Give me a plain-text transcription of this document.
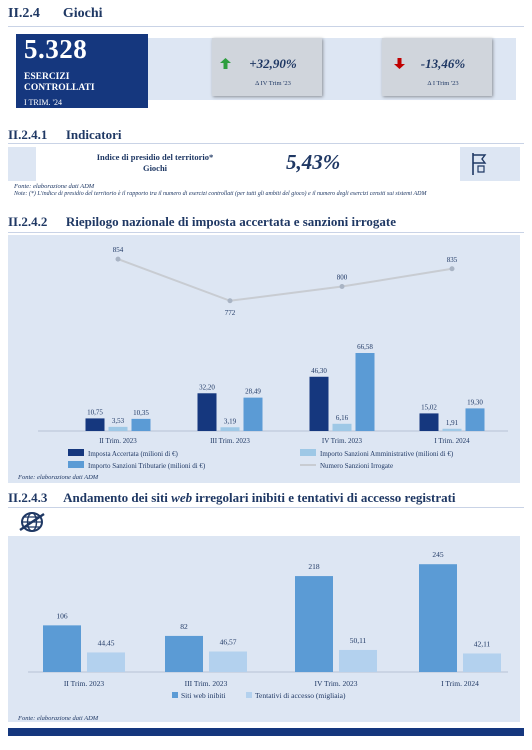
II.2.4 Giochi
5.328
ESERCIZI
CONTROLLATI
I TRIM. '24
+32,90%
Δ IV Trim '23
-13,46%
Δ I Trim '23
II.2.4.1 Indicatori
Indice di presidio del territorio*
Giochi	5,43%
Fonte: elaborazione dati ADM
Note: (*) L'indice di presidio del territorio è il rapporto tra il numero di esercizi controllati (per tutti gli ambiti del gioco) e il numero degli esercizi censiti sui sistemi ADM
II.2.4.2 Riepilogo nazionale di imposta accertata e sanzioni irrogate
10,75
3,53
10,35
II Trim. 2023
32,20
3,19
28,49
III Trim. 2023
46,30
6,16
66,58
IV Trim. 2023
15,02
1,91
19,30
I Trim. 2024
854
772
800
835
Imposta Accertata (milioni di €)	Importo Sanzioni Amministrative (milioni di €)
Importo Sanzioni Tributarie (milioni di €)	Numero Sanzioni Irrogate
Fonte: elaborazione dati ADM
II.2.4.3 Andamento dei siti web irregolari inibiti e tentativi di accesso registrati
106
44,45
II Trim. 2023
82
46,57
III Trim. 2023
218
50,11
IV Trim. 2023
245
42,11
I Trim. 2024
Siti web inibiti	Tentativi di accesso (migliaia)
Fonte: elaborazione dati ADM
